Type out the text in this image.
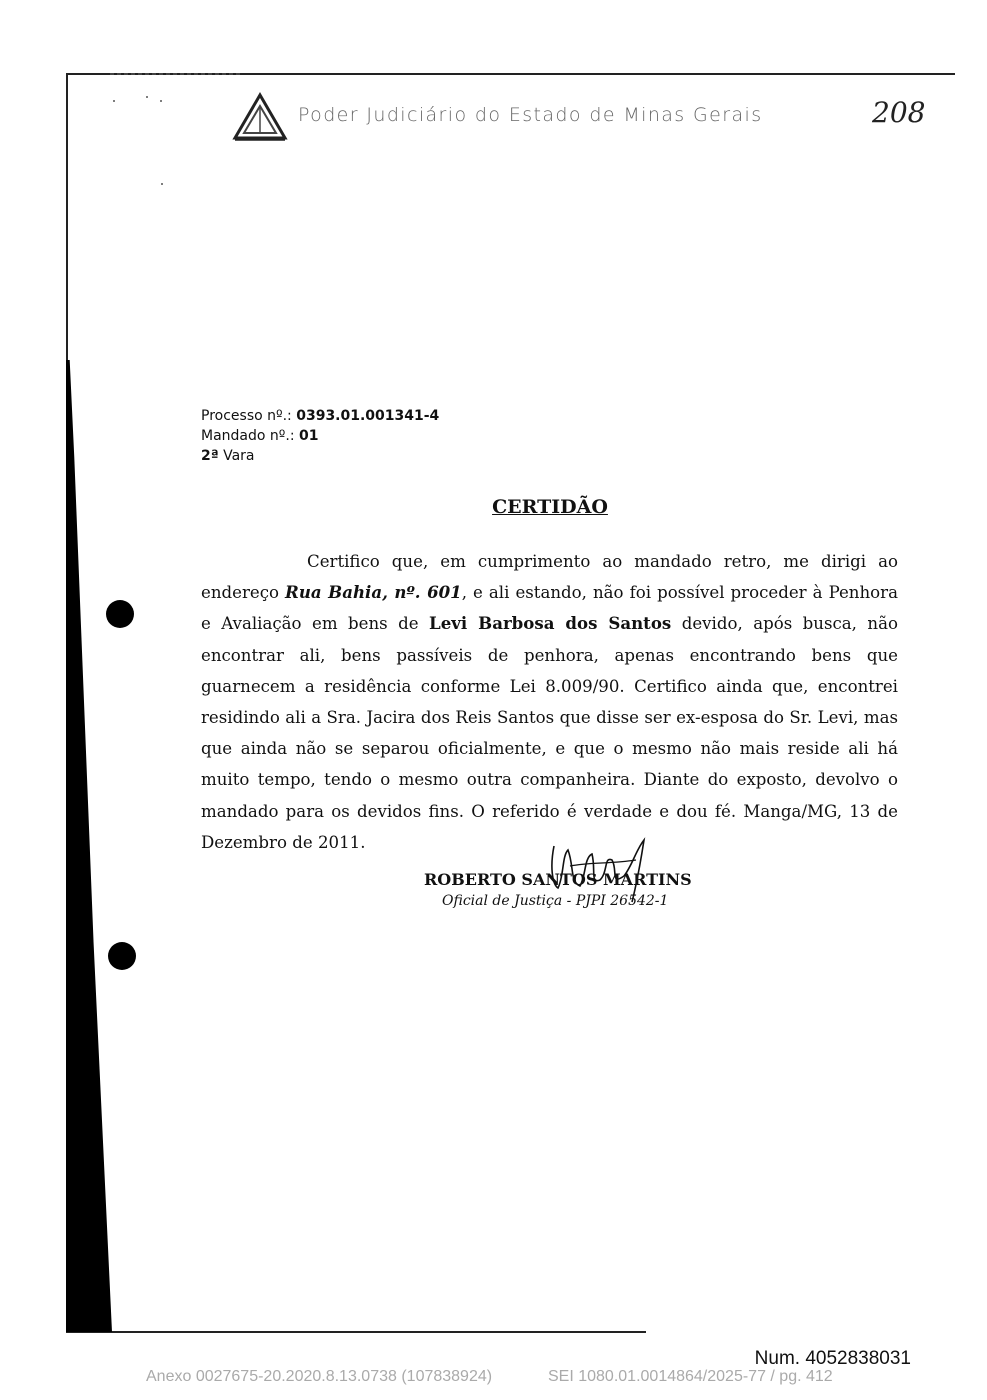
Poder Judiciário do Estado de Minas Gerais	208
Processo nº.: 0393.01.001341-4
Mandado nº.: 01
2ª Vara
CERTIDÃO

Certifico que, em cumprimento ao mandado retro, me dirigi ao endereço Rua Bahia, nº. 601, e ali estando, não foi possível proceder à Penhora e Avaliação em bens de Levi Barbosa dos Santos devido, após busca, não encontrar ali, bens passíveis de penhora, apenas encontrando bens que guarnecem a residência conforme Lei 8.009/90. Certifico ainda que, encontrei residindo ali a Sra. Jacira dos Reis Santos que disse ser ex-esposa do Sr. Levi, mas que ainda não se separou oficialmente, e que o mesmo não mais reside ali há muito tempo, tendo o mesmo outra companheira. Diante do exposto, devolvo o mandado para os devidos fins. O referido é verdade e dou fé. Manga/MG, 13 de Dezembro de 2011.

ROBERTO SANTOS MARTINS
Oficial de Justiça - PJPI 26542-1
Num. 4052838031
Anexo 0027675-20.2020.8.13.0738 (107838924)	SEI 1080.01.0014864/2025-77 / pg. 412
